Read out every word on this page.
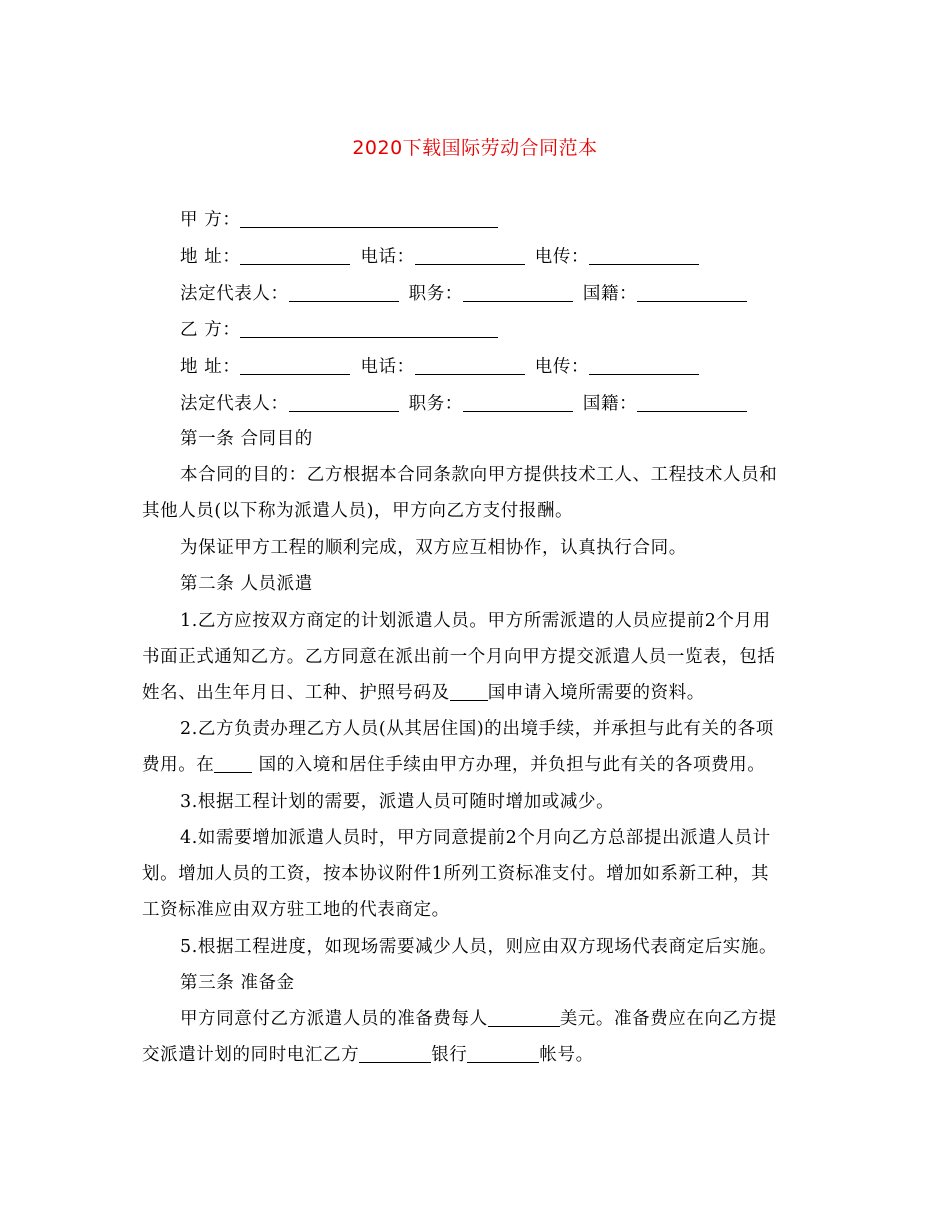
2020下载国际劳动合同范本
甲 方：
地 址：	电话：	电传：
法定代表人：	职务：	国籍：
乙 方：
地 址：	电话：	电传：
法定代表人：	职务：	国籍：
第一条 合同目的
本合同的目的：乙方根据本合同条款向甲方提供技术工人、工程技术人员和
其他人员(以下称为派遣人员)，甲方向乙方支付报酬。
为保证甲方工程的顺利完成，双方应互相协作，认真执行合同。
第二条 人员派遣
1.乙方应按双方商定的计划派遣人员。甲方所需派遣的人员应提前2个月用
书面正式通知乙方。乙方同意在派出前一个月向甲方提交派遣人员一览表，包括
姓名、出生年月日、工种、护照号码及 国申请入境所需要的资料。
2.乙方负责办理乙方人员(从其居住国)的出境手续，并承担与此有关的各项
费用。在 国的入境和居住手续由甲方办理，并负担与此有关的各项费用。
3.根据工程计划的需要，派遣人员可随时增加或减少。
4.如需要增加派遣人员时，甲方同意提前2个月向乙方总部提出派遣人员计
划。增加人员的工资，按本协议附件1所列工资标准支付。增加如系新工种，其
工资标准应由双方驻工地的代表商定。
5.根据工程进度，如现场需要减少人员，则应由双方现场代表商定后实施。
第三条 准备金
甲方同意付乙方派遣人员的准备费每人	美元。准备费应在向乙方提
交派遣计划的同时电汇乙方	银行	帐号。
